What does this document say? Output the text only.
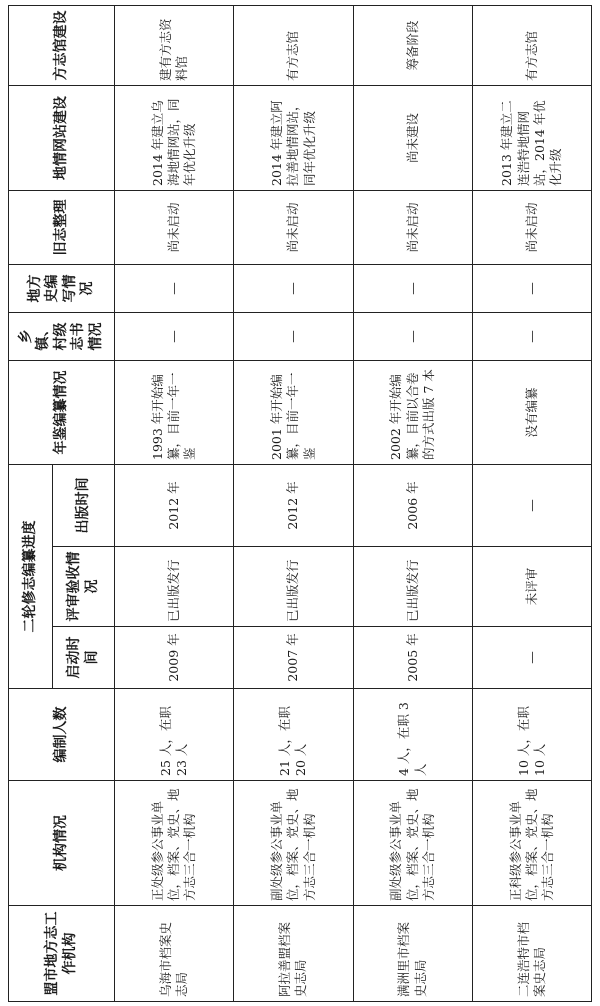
盟市地方志工作机构	机构情况	编制人数	二轮修志编纂进度			年鉴编纂情况	乡镇、村级志书情况	地方史编写情况	旧志整理	地情网站建设	方志馆建设
			启动时间	评审验收情况	出版时间						
乌海市档案史志局	正处级参公事业单位，档案、党史、地方志三合一机构	25 人，在职 23 人	2009 年	已出版发行	2012 年	1993 年开始编纂，目前一年一鉴	—	—	尚未启动	2014 年建立乌海地情网站，同年优化升级	建有方志资料馆
阿拉善盟档案史志局	副处级参公事业单位，档案、党史、地方志三合一机构	21 人，在职 20 人	2007 年	已出版发行	2012 年	2001 年开始编纂，目前一年一鉴	—	—	尚未启动	2014 年建立阿拉善地情网站，同年优化升级	有方志馆
满洲里市档案史志局	副处级参公事业单位，档案、党史、地方志三合一机构	4 人，在职 3 人	2005 年	已出版发行	2006 年	2002 年开始编纂，目前以合卷的方式出版 7 本	—	—	尚未启动	尚未建设	筹备阶段
二连浩特市档案史志局	正科级参公事业单位，档案、党史、地方志三合一机构	10 人，在职 10 人	—	未评审	—	没有编纂	—	—	尚未启动	2013 年建立二连浩特地情网站，2014 年优化升级	有方志馆
